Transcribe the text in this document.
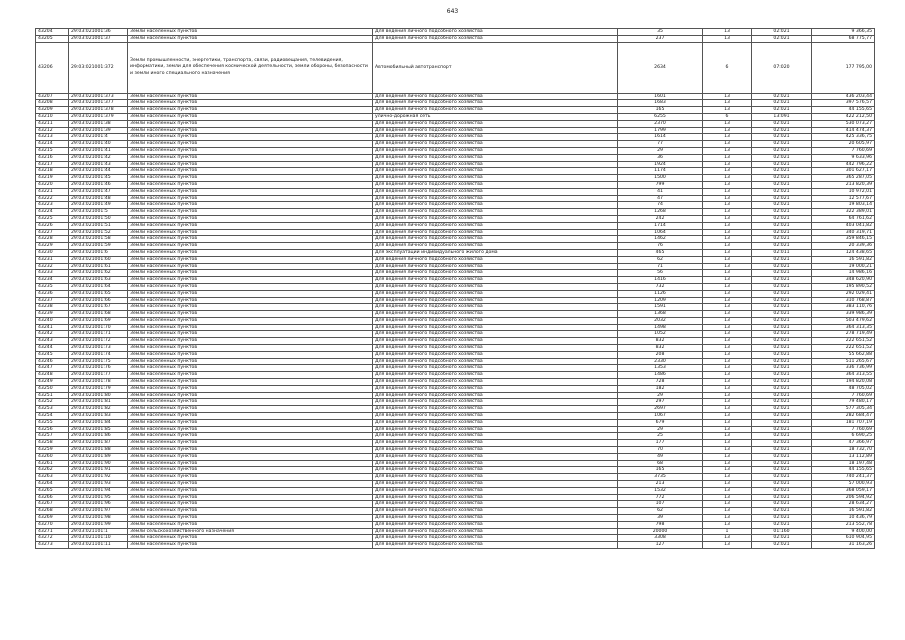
643
43204	29:03:021001:36	Земли населенных пунктов	Для ведения личного подсобного хозяйства	35	13	02:021	9 366,35
43205	29:03:021001:37	Земли населенных пунктов	Для ведения личного подсобного хозяйства	237	13	02:021	68 775,77
43206	29:03:021001:372	Земли промышленности, энергетики, транспорта, связи, радиовещания, телевидения, информатики, земли для обеспечения космической деятельности, земли обороны, безопасности и земли иного специального назначения	Автомобильный автотранспорт	2634	6	07:020	177 795,00
43207	29:03:021001:373	Земли населенных пунктов	Для ведения личного подсобного хозяйства	1601	13	02:021	436 203,44
43208	29:03:021001:377	Земли населенных пунктов	Для ведения личного подсобного хозяйства	1683	13	02:021	397 576,57
43209	29:03:021001:378	Земли населенных пунктов	Для ведения личного подсобного хозяйства	165	13	02:021	44 155,65
43210	29:03:021001:379	Земли населенных пунктов	улично-дорожная сеть	6255	6	13:091	422 212,50
43211	29:03:021001:38	Земли населенных пунктов	Для ведения личного подсобного хозяйства	2370	13	02:021	530 073,27
43212	29:03:021001:39	Земли населенных пунктов	Для ведения личного подсобного хозяйства	1799	13	02:021	414 474,37
43213	29:03:021001:4	Земли населенных пунктов	Для ведения личного подсобного хозяйства	1614	13	02:021	425 336,75
43214	29:03:021001:40	Земли населенных пунктов	Для ведения личного подсобного хозяйства	77	13	02:021	20 605,97
43215	29:03:021001:41	Земли населенных пунктов	Для ведения личного подсобного хозяйства	29	13	02:021	7 760,69
43216	29:03:021001:42	Земли населенных пунктов	Для ведения личного подсобного хозяйства	36	13	02:021	9 633,96
43217	29:03:021001:43	Земли населенных пунктов	Для ведения личного подсобного хозяйства	1924	13	02:021	442 796,22
43218	29:03:021001:44	Земли населенных пунктов	Для ведения личного подсобного хозяйства	1174	13	02:021	301 627,17
43219	29:03:021001:45	Земли населенных пунктов	Для ведения личного подсобного хозяйства	1500	13	02:021	365 287,05
43220	29:03:021001:46	Земли населенных пунктов	Для ведения личного подсобного хозяйства	799	13	02:021	213 820,39
43221	29:03:021001:47	Земли населенных пунктов	Для ведения личного подсобного хозяйства	41	13	02:021	10 972,01
43222	29:03:021001:48	Земли населенных пунктов	Для ведения личного подсобного хозяйства	47	13	02:021	12 577,67
43223	29:03:021001:49	Земли населенных пунктов	Для ведения личного подсобного хозяйства	74	13	02:021	19 803,14
43224	29:03:021001:5	Земли населенных пунктов	Для ведения личного подсобного хозяйства	1268	13	02:021	322 389,01
43225	29:03:021001:50	Земли населенных пунктов	Для ведения личного подсобного хозяйства	242	13	02:021	64 761,62
43226	29:03:021001:51	Земли населенных пунктов	Для ведения личного подсобного хозяйства	1714	13	02:021	403 041,82
43227	29:03:021001:52	Земли населенных пунктов	Для ведения личного подсобного хозяйства	1064	13	02:021	340 319,71
43228	29:03:021001:58	Земли населенных пунктов	Для ведения личного подсобного хозяйства	1462	13	02:021	359 846,15
43229	29:03:021001:59	Земли населенных пунктов	Для ведения личного подсобного хозяйства	76	13	02:021	20 339,36
43230	29:03:021001:6	Земли населенных пунктов	Для эксплуатации индивидуального жилого дома	465	13	02:011	124 438,65
43231	29:03:021001:60	Земли населенных пунктов	Для ведения личного подсобного хозяйства	62	13	02:021	16 591,82
43232	29:03:021001:61	Земли населенных пунктов	Для ведения личного подсобного хозяйства	71	13	02:021	19 000,21
43233	29:03:021001:62	Земли населенных пунктов	Для ведения личного подсобного хозяйства	56	13	02:021	14 986,16
43234	29:03:021001:63	Земли населенных пунктов	Для ведения личного подсобного хозяйства	1416	13	02:021	348 620,90
43235	29:03:021001:64	Земли населенных пунктов	Для ведения личного подсобного хозяйства	732	13	02:021	195 890,52
43236	29:03:021001:65	Земли населенных пунктов	Для ведения личного подсобного хозяйства	1126	13	02:021	292 029,41
43237	29:03:021001:66	Земли населенных пунктов	Для ведения личного подсобного хозяйства	1209	13	02:021	310 768,87
43238	29:03:021001:67	Земли населенных пунктов	Для ведения личного подсобного хозяйства	1591	13	02:021	383 110,76
43239	29:03:021001:68	Земли населенных пунктов	Для ведения личного подсобного хозяйства	1368	13	02:021	339 986,39
43240	29:03:021001:69	Земли населенных пунктов	Для ведения личного подсобного хозяйства	2032	13	02:021	503 479,62
43241	29:03:021001:70	Земли населенных пунктов	Для ведения личного подсобного хозяйства	1498	13	02:021	364 313,35
43242	29:03:021001:71	Земли населенных пунктов	Для ведения личного подсобного хозяйства	1052	13	02:021	278 719,49
43243	29:03:021001:72	Земли населенных пунктов	Для ведения личного подсобного хозяйства	832	13	02:021	222 651,52
43244	29:03:021001:73	Земли населенных пунктов	Для ведения личного подсобного хозяйства	832	13	02:021	222 651,52
43245	29:03:021001:74	Земли населенных пунктов	Для ведения личного подсобного хозяйства	208	13	02:021	55 662,88
43246	29:03:021001:75	Земли населенных пунктов	Для ведения личного подсобного хозяйства	2330	13	02:021	511 265,67
43247	29:03:021001:76	Земли населенных пунктов	Для ведения личного подсобного хозяйства	1353	13	02:021	336 736,99
43248	29:03:021001:77	Земли населенных пунктов	Для ведения личного подсобного хозяйства	1486	13	02:021	364 313,55
43249	29:03:021001:78	Земли населенных пунктов	Для ведения личного подсобного хозяйства	728	13	02:021	194 820,08
43250	29:03:021001:79	Земли населенных пунктов	Для ведения личного подсобного хозяйства	182	13	02:021	48 705,02
43251	29:03:021001:80	Земли населенных пунктов	Для ведения личного подсобного хозяйства	29	13	02:021	7 760,69
43252	29:03:021001:81	Земли населенных пунктов	Для ведения личного подсобного хозяйства	297	13	02:021	79 480,17
43253	29:03:021001:82	Земли населенных пунктов	Для ведения личного подсобного хозяйства	2697	13	02:021	577 305,34
43254	29:03:021001:83	Земли населенных пунктов	Для ведения личного подсобного хозяйства	1067	13	02:021	282 684,47
43255	29:03:021001:84	Земли населенных пунктов	Для ведения личного подсобного хозяйства	679	13	02:021	181 707,19
43256	29:03:021001:85	Земли населенных пунктов	Для ведения личного подсобного хозяйства	29	13	02:021	7 760,69
43257	29:03:021001:86	Земли населенных пунктов	Для ведения личного подсобного хозяйства	25	13	02:021	6 690,25
43258	29:03:021001:87	Земли населенных пунктов	Для ведения личного подсобного хозяйства	177	13	02:021	47 366,97
43259	29:03:021001:88	Земли населенных пунктов	Для ведения личного подсобного хозяйства	70	13	02:021	18 732,70
43260	29:03:021001:89	Земли населенных пунктов	Для ведения личного подсобного хозяйства	49	13	02:021	13 112,89
43261	29:03:021001:90	Земли населенных пунктов	Для ведения личного подсобного хозяйства	68	13	02:021	18 197,48
43262	29:03:021001:91	Земли населенных пунктов	Для ведения личного подсобного хозяйства	165	13	02:021	44 155,65
43263	29:03:021001:92	Земли населенных пунктов	Для ведения личного подсобного хозяйства	3735	13	02:021	740 241,37
43264	29:03:021001:93	Земли населенных пунктов	Для ведения личного подсобного хозяйства	213	13	02:021	57 000,93
43265	29:03:021001:94	Земли населенных пунктов	Для ведения личного подсобного хозяйства	1532	13	02:021	368 059,17
43266	29:03:021001:95	Земли населенных пунктов	Для ведения личного подсобного хозяйства	772	13	02:021	206 594,92
43267	29:03:021001:96	Земли населенных пунктов	Для ведения личного подсобного хозяйства	107	13	02:021	28 634,27
43268	29:03:021001:97	Земли населенных пунктов	Для ведения личного подсобного хозяйства	62	13	02:021	16 591,82
43269	29:03:021001:98	Земли населенных пунктов	Для ведения личного подсобного хозяйства	39	13	02:021	10 436,79
43270	29:03:021001:99	Земли населенных пунктов	Для ведения личного подсобного хозяйства	798	13	02:021	213 552,78
43271	29:03:021101:1	Земли сельскохозяйственного назначения	Для ведения личного подсобного хозяйства	20000	1	01:160	9 400,00
43272	29:03:021101:10	Земли населенных пунктов	Для ведения личного подсобного хозяйства	3308	13	02:021	610 904,95
43273	29:03:021101:11	Земли населенных пунктов	Для ведения личного подсобного хозяйства	127	13	02:021	31 163,26
